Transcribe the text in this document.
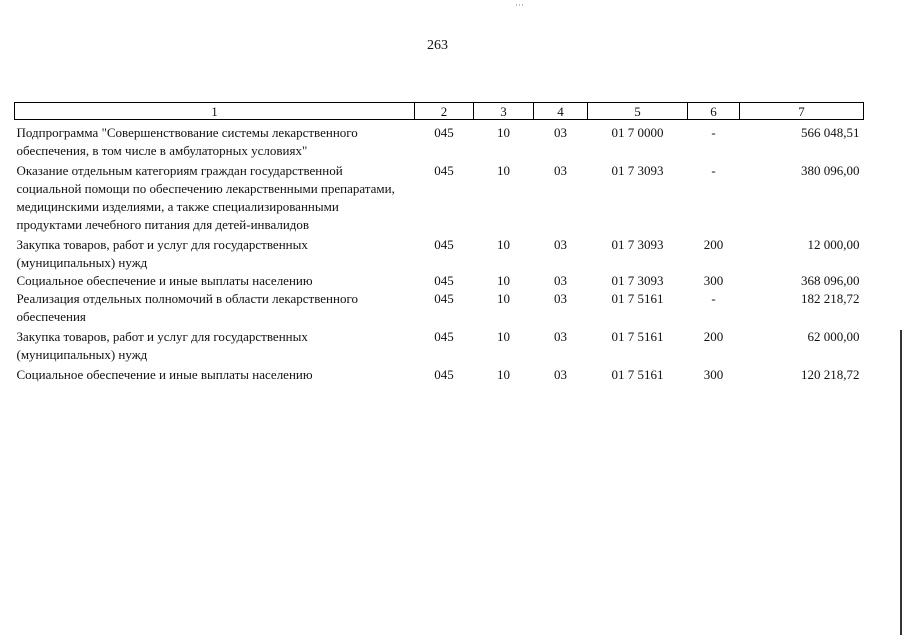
···
263
1	2	3	4	5	6	7
Подпрограмма "Совершенствование системы лекарственного обеспечения, в том числе в амбулаторных условиях"	045	10	03	01 7 0000	-	566 048,51
Оказание отдельным категориям граждан государственной социальной помощи по обеспечению лекарственными препаратами, медицинскими изделиями, а также специализированными продуктами лечебного питания для детей-инвалидов	045	10	03	01 7 3093	-	380 096,00
Закупка товаров, работ и услуг для государственных (муниципальных) нужд	045	10	03	01 7 3093	200	12 000,00
Социальное обеспечение и иные выплаты населению	045	10	03	01 7 3093	300	368 096,00
Реализация отдельных полномочий в области лекарственного обеспечения	045	10	03	01 7 5161	-	182 218,72
Закупка товаров, работ и услуг для государственных (муниципальных) нужд	045	10	03	01 7 5161	200	62 000,00
Социальное обеспечение и иные выплаты населению	045	10	03	01 7 5161	300	120 218,72
